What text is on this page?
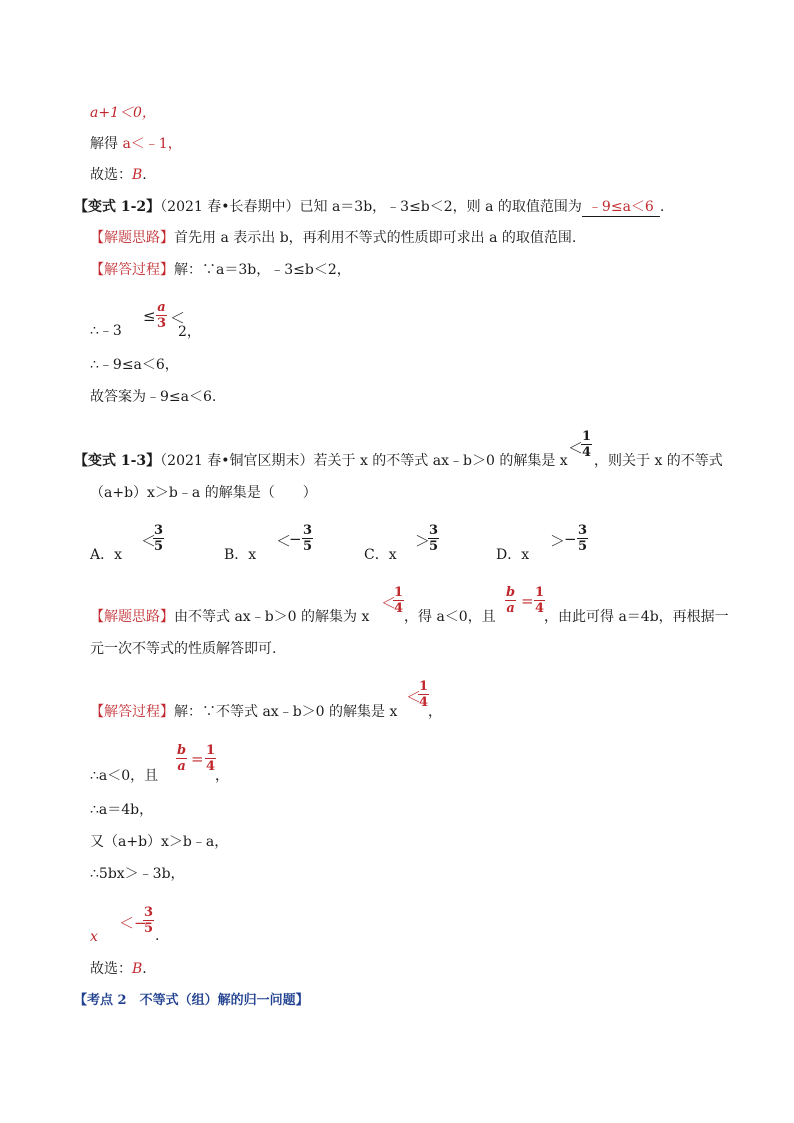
a+1＜0，
解得 a＜﹣1，
故选：B.
【变式 1-2】（2021 春•长春期中）已知 a＝3b，﹣3≤b＜2，则 a 的取值范围为 ﹣9≤a＜6 .
【解题思路】首先用 a 表示出 b，再利用不等式的性质即可求出 a 的取值范围.
【解答过程】解：∵a＝3b，﹣3≤b＜2，
∴﹣3
≤ a
3 ＜
2，
∴﹣9≤a＜6，
故答案为﹣9≤a＜6.
【变式 1-3】（2021 春•铜官区期末）若关于 x 的不等式 ax﹣b＞0 的解集是 x
＜
1
4
，则关于 x 的不等式
（a+b）x＞b﹣a 的解集是（　　）
A．x
＜
3
5
B．x
＜
− 3
5
C．x
＞
3
5
D．x
＞
− 3
5
【解题思路】由不等式 ax﹣b＞0 的解集为 x
＜
1
4
，得 a＜0，且
b
a = 1
4
，由此可得 a＝4b，再根据一
元一次不等式的性质解答即可.
【解答过程】解：∵不等式 ax﹣b＞0 的解集是 x
＜
1
4
，
∴a＜0，且
b
a = 1
4
，
∴a＝4b，
又（a+b）x＞b﹣a，
∴5bx＞﹣3b，
x
＜−
3
5 .
故选：B.
【考点 2　不等式（组）解的归一问题】
